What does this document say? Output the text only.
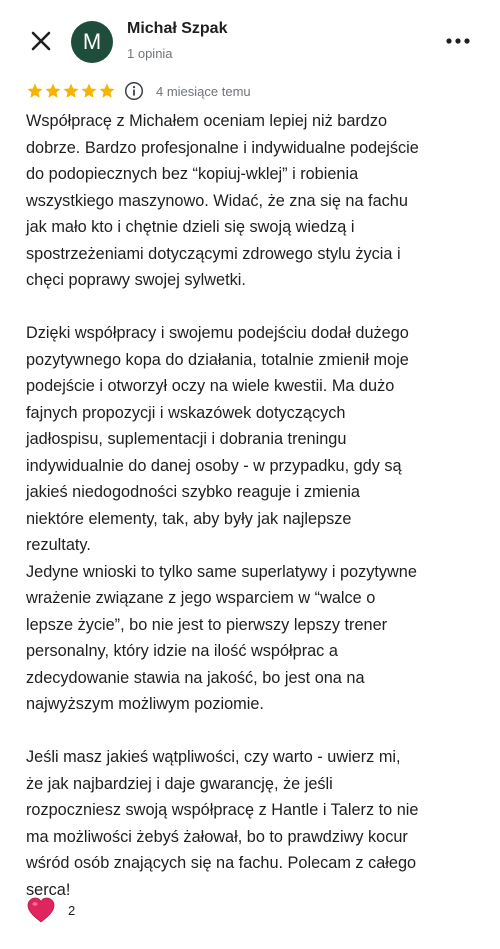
M
Michał Szpak
1 opinia
4 miesiące temu
Współpracę z Michałem oceniam lepiej niż bardzo
dobrze. Bardzo profesjonalne i indywidualne podejście
do podopiecznych bez “kopiuj-wklej” i robienia
wszystkiego maszynowo. Widać, że zna się na fachu
jak mało kto i chętnie dzieli się swoją wiedzą i
spostrzeżeniami dotyczącymi zdrowego stylu życia i
chęci poprawy swojej sylwetki.

Dzięki współpracy i swojemu podejściu dodał dużego
pozytywnego kopa do działania, totalnie zmienił moje
podejście i otworzył oczy na wiele kwestii. Ma dużo
fajnych propozycji i wskazówek dotyczących
jadłospisu, suplementacji i dobrania treningu
indywidualnie do danej osoby - w przypadku, gdy są
jakieś niedogodności szybko reaguje i zmienia
niektóre elementy, tak, aby były jak najlepsze
rezultaty.
Jedyne wnioski to tylko same superlatywy i pozytywne
wrażenie związane z jego wsparciem w “walce o
lepsze życie”, bo nie jest to pierwszy lepszy trener
personalny, który idzie na ilość współprac a
zdecydowanie stawia na jakość, bo jest ona na
najwyższym możliwym poziomie.

Jeśli masz jakieś wątpliwości, czy warto - uwierz mi,
że jak najbardziej i daje gwarancję, że jeśli
rozpoczniesz swoją współpracę z Hantle i Talerz to nie
ma możliwości żebyś żałował, bo to prawdziwy kocur
wśród osób znających się na fachu. Polecam z całego
serca!
2
